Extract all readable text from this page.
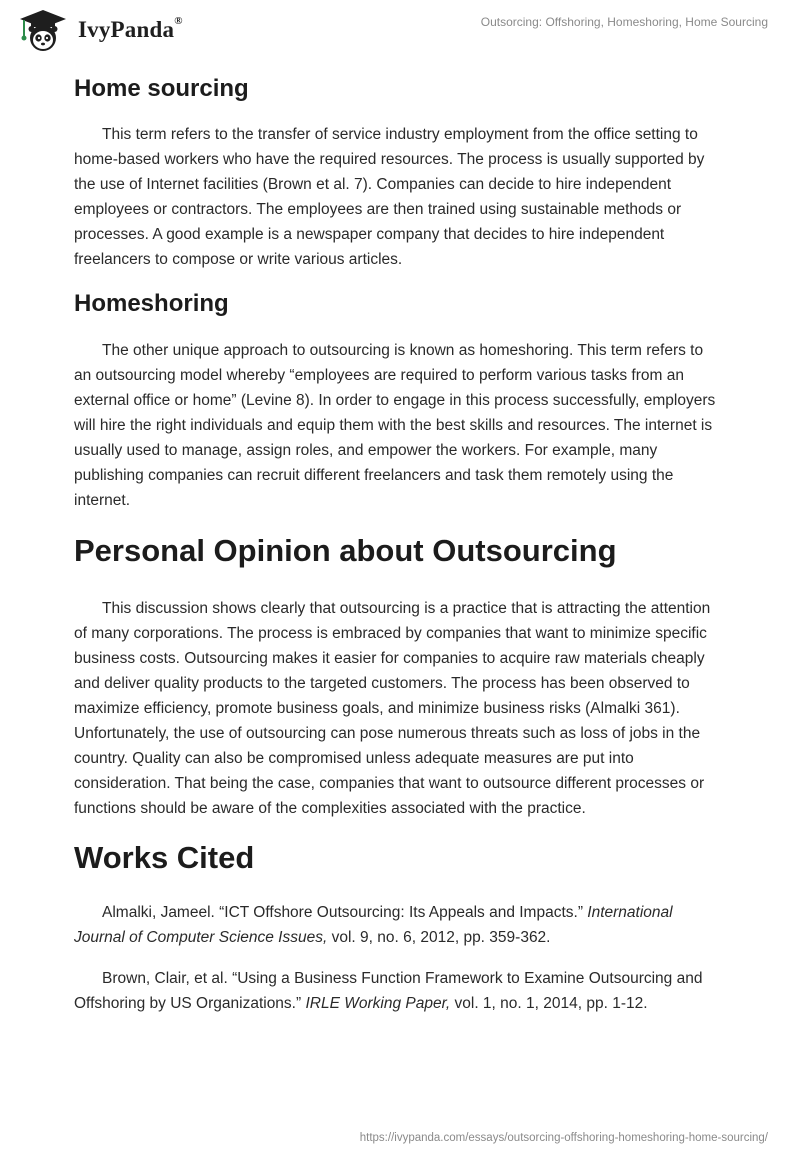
IvyPanda®	Outsorcing: Offshoring, Homeshoring, Home Sourcing
Home sourcing

This term refers to the transfer of service industry employment from the office setting to home-based workers who have the required resources. The process is usually supported by the use of Internet facilities (Brown et al. 7). Companies can decide to hire independent employees or contractors. The employees are then trained using sustainable methods or processes. A good example is a newspaper company that decides to hire independent freelancers to compose or write various articles.

Homeshoring

The other unique approach to outsourcing is known as homeshoring. This term refers to an outsourcing model whereby “employees are required to perform various tasks from an external office or home” (Levine 8). In order to engage in this process successfully, employers will hire the right individuals and equip them with the best skills and resources. The internet is usually used to manage, assign roles, and empower the workers. For example, many publishing companies can recruit different freelancers and task them remotely using the internet.

Personal Opinion about Outsourcing

This discussion shows clearly that outsourcing is a practice that is attracting the attention of many corporations. The process is embraced by companies that want to minimize specific business costs. Outsourcing makes it easier for companies to acquire raw materials cheaply and deliver quality products to the targeted customers. The process has been observed to maximize efficiency, promote business goals, and minimize business risks (Almalki 361). Unfortunately, the use of outsourcing can pose numerous threats such as loss of jobs in the country. Quality can also be compromised unless adequate measures are put into consideration. That being the case, companies that want to outsource different processes or functions should be aware of the complexities associated with the practice.

Works Cited

Almalki, Jameel. “ICT Offshore Outsourcing: Its Appeals and Impacts.” International Journal of Computer Science Issues, vol. 9, no. 6, 2012, pp. 359-362.

Brown, Clair, et al. “Using a Business Function Framework to Examine Outsourcing and Offshoring by US Organizations.” IRLE Working Paper, vol. 1, no. 1, 2014, pp. 1-12.

https://ivypanda.com/essays/outsorcing-offshoring-homeshoring-home-sourcing/
